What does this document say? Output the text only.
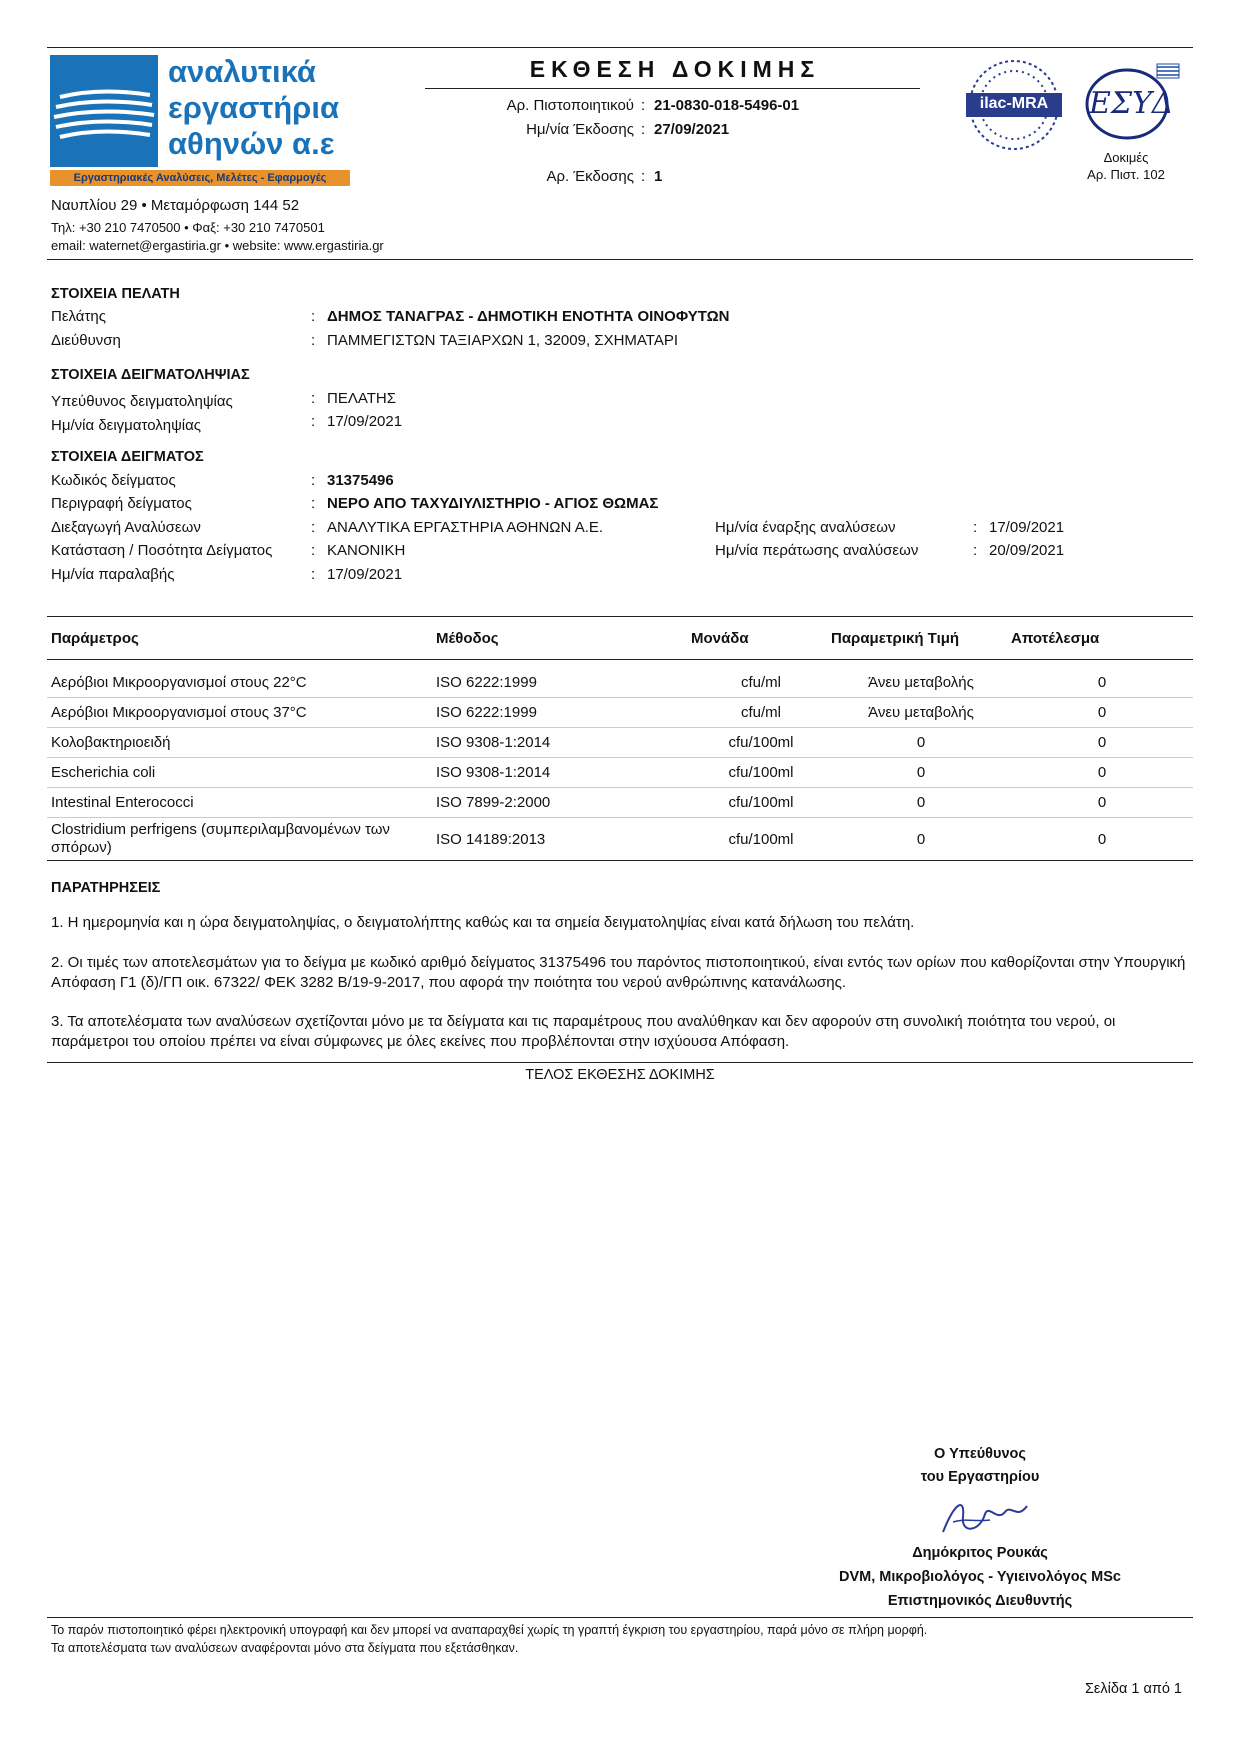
αναλυτικά
εργαστήρια
αθηνών α.ε
Εργαστηριακές Αναλύσεις, Μελέτες - Εφαρμογές
Ναυπλίου 29 • Μεταμόρφωση 144 52
Τηλ: +30 210 7470500 • Φαξ: +30 210 7470501
email: waternet@ergastiria.gr • website: www.ergastiria.gr
ΕΚΘΕΣΗ ΔΟΚΙΜΗΣ
Αρ. Πιστοποιητικού : 21-0830-018-5496-01
Ημ/νία Έκδοσης : 27/09/2021
Αρ. Έκδοσης : 1
ilac-MRA	ΕΣΥΔ
Δοκιμές
Αρ. Πιστ. 102
ΣΤΟΙΧΕΙΑ ΠΕΛΑΤΗ
Πελάτης	: ΔΗΜΟΣ ΤΑΝΑΓΡΑΣ - ΔΗΜΟΤΙΚΗ ΕΝΟΤΗΤΑ ΟΙΝΟΦΥΤΩΝ
Διεύθυνση	: ΠΑΜΜΕΓΙΣΤΩΝ ΤΑΞΙΑΡΧΩΝ 1, 32009, ΣΧΗΜΑΤΑΡΙ
ΣΤΟΙΧΕΙΑ ΔΕΙΓΜΑΤΟΛΗΨΙΑΣ
Υπεύθυνος δειγματοληψίας	: ΠΕΛΑΤΗΣ
Ημ/νία δειγματοληψίας	: 17/09/2021
ΣΤΟΙΧΕΙΑ ΔΕΙΓΜΑΤΟΣ
Κωδικός δείγματος	: 31375496
Περιγραφή δείγματος	: ΝΕΡΟ ΑΠΟ ΤΑΧΥΔΙΥΛΙΣΤΗΡΙΟ - ΑΓΙΟΣ ΘΩΜΑΣ
Διεξαγωγή Αναλύσεων	: ΑΝΑΛΥΤΙΚΑ ΕΡΓΑΣΤΗΡΙΑ ΑΘΗΝΩΝ Α.Ε.
Κατάσταση / Ποσότητα Δείγματος	: ΚΑΝΟΝΙΚΗ
Ημ/νία παραλαβής	: 17/09/2021
Ημ/νία έναρξης αναλύσεων	: 17/09/2021
Ημ/νία περάτωσης αναλύσεων	: 20/09/2021
Παράμετρος	Μέθοδος	Μονάδα	Παραμετρική Τιμή	Αποτέλεσμα

Αερόβιοι Μικροοργανισμοί στους 22°C	ISO 6222:1999	cfu/ml	Άνευ μεταβολής	0
Αερόβιοι Μικροοργανισμοί στους 37°C	ISO 6222:1999	cfu/ml	Άνευ μεταβολής	0
Κολοβακτηριοειδή	ISO 9308-1:2014	cfu/100ml	0	0
Escherichia coli	ISO 9308-1:2014	cfu/100ml	0	0
Intestinal Enterococci	ISO 7899-2:2000	cfu/100ml	0	0
Clostridium perfrigens (συμπεριλαμβανομένων των σπόρων)	ISO 14189:2013	cfu/100ml	0	0
ΠΑΡΑΤΗΡΗΣΕΙΣ
1. Η ημερομηνία και η ώρα δειγματοληψίας, ο δειγματολήπτης καθώς και τα σημεία δειγματοληψίας είναι κατά δήλωση του πελάτη.
2. Οι τιμές των αποτελεσμάτων για το δείγμα με κωδικό αριθμό δείγματος 31375496 του παρόντος πιστοποιητικού, είναι εντός των ορίων που καθορίζονται στην Υπουργική Απόφαση Γ1 (δ)/ΓΠ οικ. 67322/ ΦΕΚ 3282 Β/19-9-2017, που αφορά την ποιότητα του νερού ανθρώπινης κατανάλωσης.
3. Τα αποτελέσματα των αναλύσεων σχετίζονται μόνο με τα δείγματα και τις παραμέτρους που αναλύθηκαν και δεν αφορούν στη συνολική ποιότητα του νερού, οι παράμετροι του οποίου πρέπει να είναι σύμφωνες με όλες εκείνες που προβλέπονται στην ισχύουσα Απόφαση.
ΤΕΛΟΣ ΕΚΘΕΣΗΣ ΔΟΚΙΜΗΣ
Ο Υπεύθυνος
του Εργαστηρίου
Δημόκριτος Ρουκάς
DVM, Μικροβιολόγος - Υγιεινολόγος MSc
Επιστημονικός Διευθυντής
Το παρόν πιστοποιητικό φέρει ηλεκτρονική υπογραφή και δεν μπορεί να αναπαραχθεί χωρίς τη γραπτή έγκριση του εργαστηρίου, παρά μόνο σε πλήρη μορφή.
Τα αποτελέσματα των αναλύσεων αναφέρονται μόνο στα δείγματα που εξετάσθηκαν.
Σελίδα 1 από 1
